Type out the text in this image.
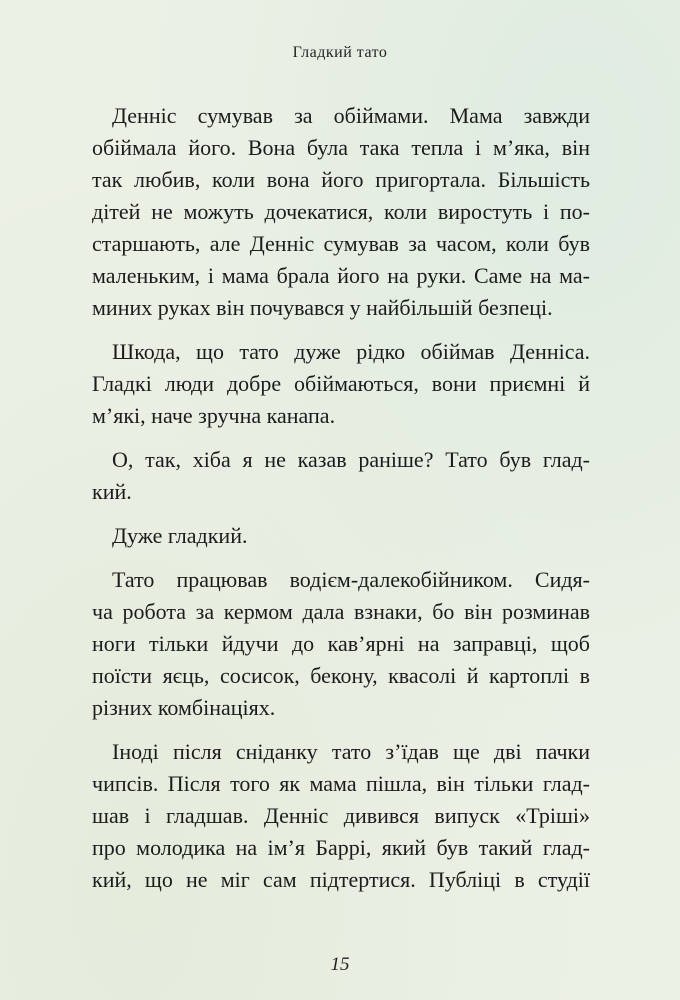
Гладкий тато
Денніс сумував за обіймами. Мама завжди
обіймала його. Вона була така тепла і м’яка, він
так любив, коли вона його пригортала. Більшість
дітей не можуть дочекатися, коли виростуть і по-
старшають, але Денніс сумував за часом, коли був
маленьким, і мама брала його на руки. Саме на ма-
миних руках він почувався у найбільшій безпеці.
Шкода, що тато дуже рідко обіймав Денніса.
Гладкі люди добре обіймаються, вони приємні й
м’які, наче зручна канапа.
О, так, хіба я не казав раніше? Тато був глад-
кий.
Дуже гладкий.
Тато працював водієм-далекобійником. Сидя-
ча робота за кермом дала взнаки, бо він розминав
ноги тільки йдучи до кав’ярні на заправці, щоб
поїсти яєць, сосисок, бекону, квасолі й картоплі в
різних комбінаціях.
Іноді після сніданку тато з’їдав ще дві пачки
чипсів. Після того як мама пішла, він тільки глад-
шав і гладшав. Денніс дивився випуск «Тріші»
про молодика на ім’я Баррі, який був такий глад-
кий, що не міг сам підтертися. Публіці в студії
15
